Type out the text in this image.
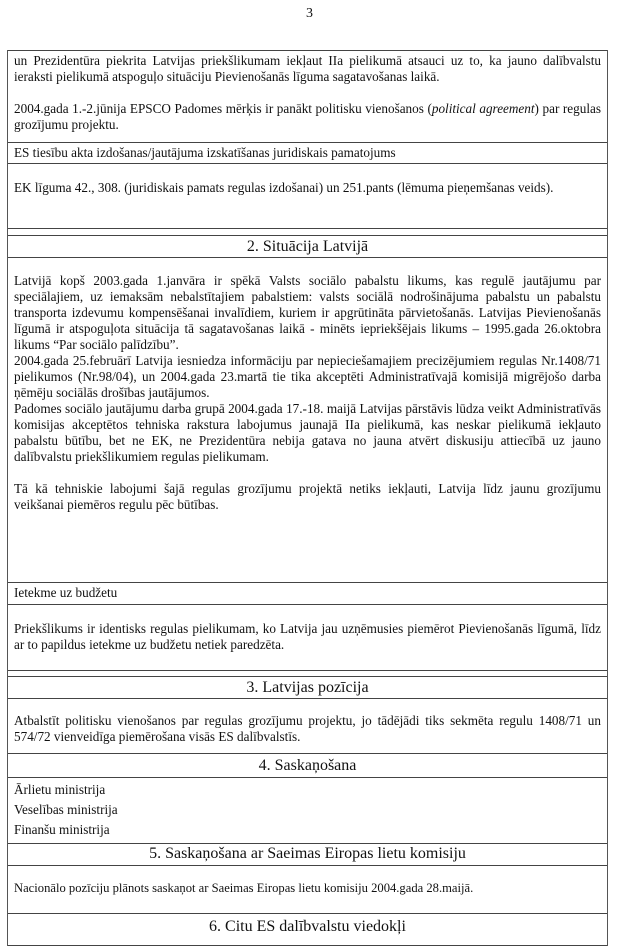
3

un Prezidentūra piekrita Latvijas priekšlikumam iekļaut IIa pielikumā atsauci uz to, ka jauno dalībvalstu ieraksti pielikumā atspoguļo situāciju Pievienošanās līguma sagatavošanas laikā.

2004.gada 1.-2.jūnija EPSCO Padomes mērķis ir panākt politisku vienošanos (political agreement) par regulas grozījumu projektu.

ES tiesību akta izdošanas/jautājuma izskatīšanas juridiskais pamatojums

EK līguma 42., 308. (juridiskais pamats regulas izdošanai) un 251.pants (lēmuma pieņemšanas veids).

2. Situācija Latvijā

Latvijā kopš 2003.gada 1.janvāra ir spēkā Valsts sociālo pabalstu likums, kas regulē jautājumu par speciālajiem, uz iemaksām nebalstītajiem pabalstiem: valsts sociālā nodrošinājuma pabalstu un pabalstu transporta izdevumu kompensēšanai invalīdiem, kuriem ir apgrūtināta pārvietošanās. Latvijas Pievienošanās līgumā ir atspoguļota situācija tā sagatavošanas laikā - minēts iepriekšējais likums – 1995.gada 26.oktobra likums “Par sociālo palīdzību”.

2004.gada 25.februārī Latvija iesniedza informāciju par nepieciešamajiem precizējumiem regulas Nr.1408/71 pielikumos (Nr.98/04), un 2004.gada 23.martā tie tika akceptēti Administratīvajā komisijā migrējošo darba ņēmēju sociālās drošības jautājumos.

Padomes sociālo jautājumu darba grupā 2004.gada 17.-18. maijā Latvijas pārstāvis lūdza veikt Administratīvās komisijas akceptētos tehniska rakstura labojumus jaunajā IIa pielikumā, kas neskar pielikumā iekļauto pabalstu būtību, bet ne EK, ne Prezidentūra nebija gatava no jauna atvērt diskusiju attiecībā uz jauno dalībvalstu priekšlikumiem regulas pielikumam.

Tā kā tehniskie labojumi šajā regulas grozījumu projektā netiks iekļauti, Latvija līdz jaunu grozījumu veikšanai piemēros regulu pēc būtības.

Ietekme uz budžetu

Priekšlikums ir identisks regulas pielikumam, ko Latvija jau uzņēmusies piemērot Pievienošanās līgumā, līdz ar to papildus ietekme uz budžetu netiek paredzēta.

3. Latvijas pozīcija

Atbalstīt politisku vienošanos par regulas grozījumu projektu, jo tādējādi tiks sekmēta regulu 1408/71 un 574/72 vienveidīga piemērošana visās ES dalībvalstīs.

4. Saskaņošana

Ārlietu ministrija

Veselības ministrija

Finanšu ministrija

5. Saskaņošana ar Saeimas Eiropas lietu komisiju

Nacionālo pozīciju plānots saskaņot ar Saeimas Eiropas lietu komisiju 2004.gada 28.maijā.

6. Citu ES dalībvalstu viedokļi
